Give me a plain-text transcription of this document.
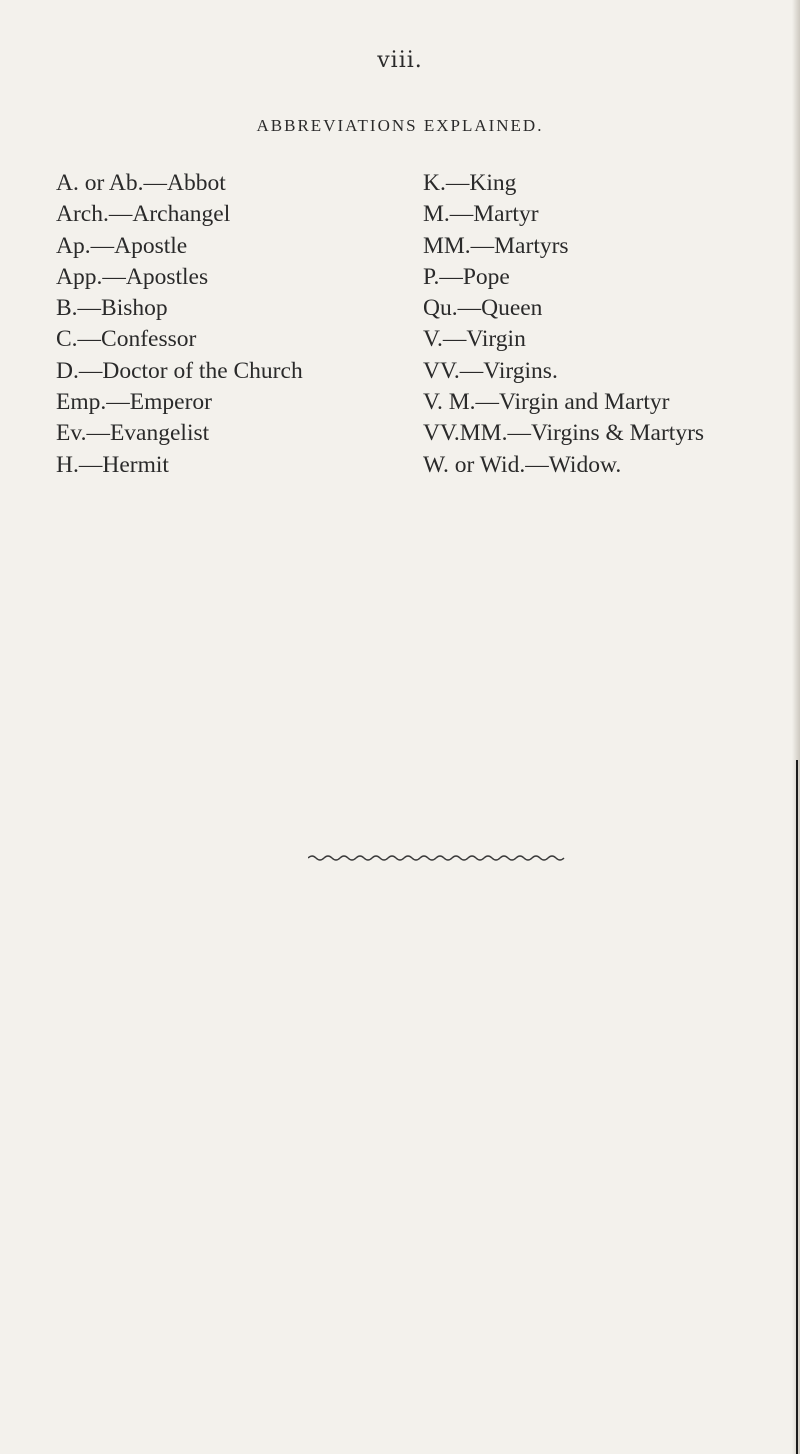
viii.
ABBREVIATIONS EXPLAINED.
A. or Ab.—Abbot
Arch.—Archangel
Ap.—Apostle
App.—Apostles
B.—Bishop
C.—Confessor
D.—Doctor of the Church
Emp.—Emperor
Ev.—Evangelist
H.—Hermit
K.—King
M.—Martyr
MM.—Martyrs
P.—Pope
Qu.—Queen
V.—Virgin
VV.—Virgins.
V. M.—Virgin and Martyr
VV.MM.—Virgins & Martyrs
W. or Wid.—Widow.
